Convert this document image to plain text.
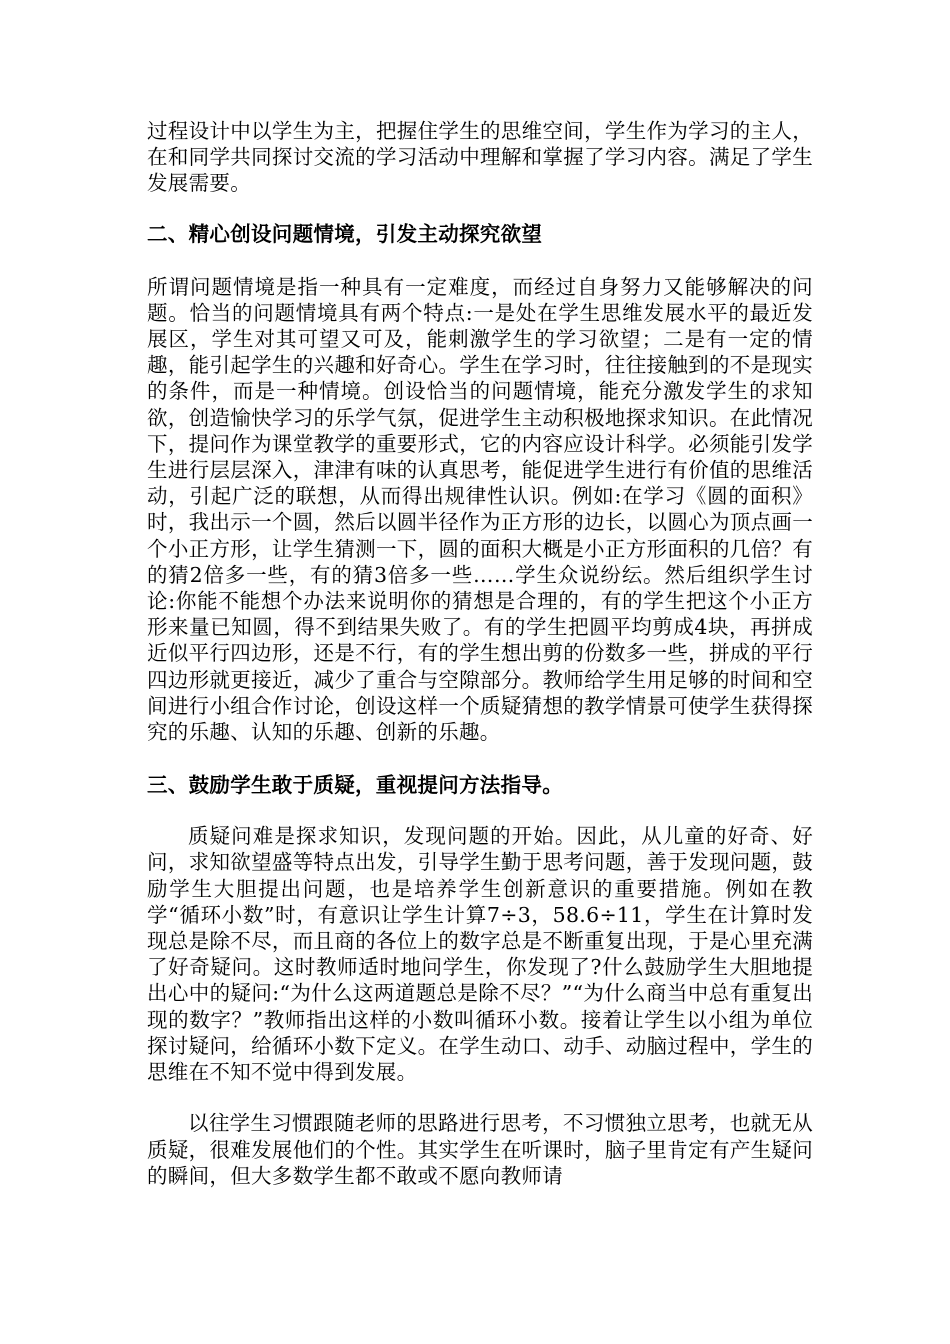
过程设计中以学生为主，把握住学生的思维空间，学生作为学习的主人，在和同学共同探讨交流的学习活动中理解和掌握了学习内容。满足了学生发展需要。

二、精心创设问题情境，引发主动探究欲望

所谓问题情境是指一种具有一定难度，而经过自身努力又能够解决的问题。恰当的问题情境具有两个特点:一是处在学生思维发展水平的最近发展区，学生对其可望又可及，能刺激学生的学习欲望；二是有一定的情趣，能引起学生的兴趣和好奇心。学生在学习时，往往接触到的不是现实的条件，而是一种情境。创设恰当的问题情境，能充分激发学生的求知欲，创造愉快学习的乐学气氛，促进学生主动积极地探求知识。在此情况下，提问作为课堂教学的重要形式，它的内容应设计科学。必须能引发学生进行层层深入，津津有味的认真思考，能促进学生进行有价值的思维活动，引起广泛的联想，从而得出规律性认识。例如:在学习《圆的面积》时，我出示一个圆，然后以圆半径作为正方形的边长，以圆心为顶点画一个小正方形，让学生猜测一下，圆的面积大概是小正方形面积的几倍？有的猜2倍多一些，有的猜3倍多一些……学生众说纷纭。然后组织学生讨论:你能不能想个办法来说明你的猜想是合理的，有的学生把这个小正方形来量已知圆，得不到结果失败了。有的学生把圆平均剪成4块，再拼成近似平行四边形，还是不行，有的学生想出剪的份数多一些，拼成的平行四边形就更接近，减少了重合与空隙部分。教师给学生用足够的时间和空间进行小组合作讨论，创设这样一个质疑猜想的教学情景可使学生获得探究的乐趣、认知的乐趣、创新的乐趣。

三、鼓励学生敢于质疑，重视提问方法指导。

质疑问难是探求知识，发现问题的开始。因此，从儿童的好奇、好问，求知欲望盛等特点出发，引导学生勤于思考问题，善于发现问题，鼓励学生大胆提出问题，也是培养学生创新意识的重要措施。例如在教学“循环小数”时，有意识让学生计算7÷3，58.6÷11，学生在计算时发现总是除不尽，而且商的各位上的数字总是不断重复出现，于是心里充满了好奇疑问。这时教师适时地问学生，你发现了?什么鼓励学生大胆地提出心中的疑问:“为什么这两道题总是除不尽？”“为什么商当中总有重复出现的数字？”教师指出这样的小数叫循环小数。接着让学生以小组为单位探讨疑问，给循环小数下定义。在学生动口、动手、动脑过程中，学生的思维在不知不觉中得到发展。

以往学生习惯跟随老师的思路进行思考，不习惯独立思考，也就无从质疑，很难发展他们的个性。其实学生在听课时，脑子里肯定有产生疑问的瞬间，但大多数学生都不敢或不愿向教师请
